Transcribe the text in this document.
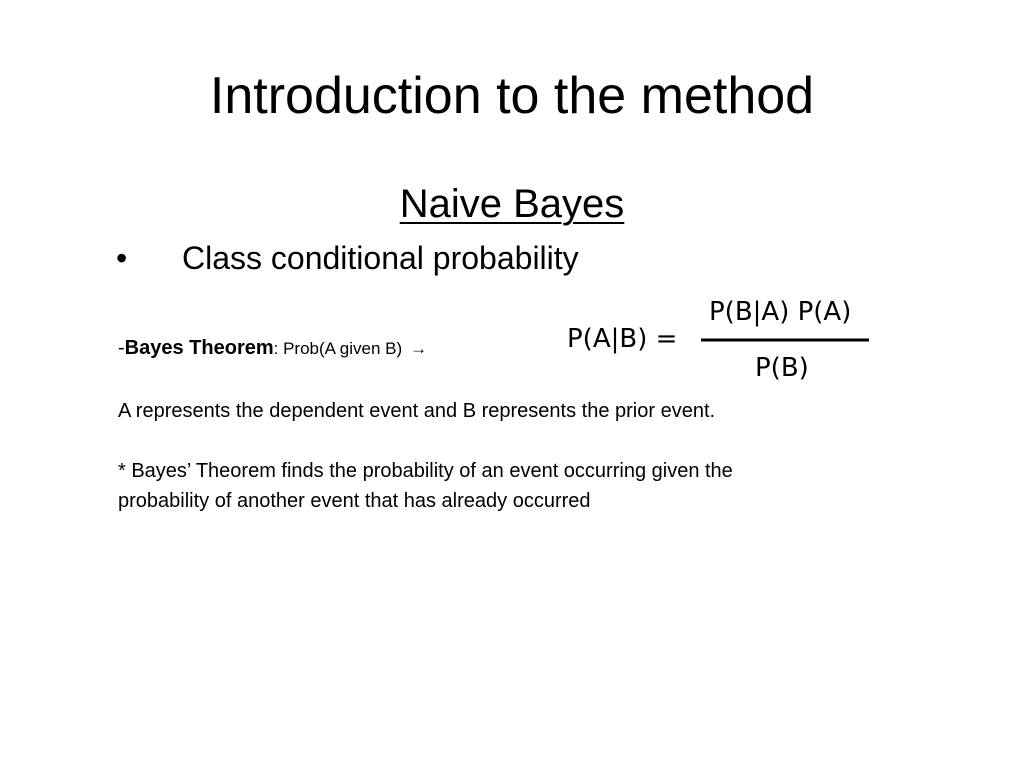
Introduction to the method
Naive Bayes
• Class conditional probability
-Bayes Theorem: Prob(A given B) →	P(A|B) =
P(B|A) P(A)
P(B)
A represents the dependent event and B represents the prior event.
* Bayes’ Theorem finds the probability of an event occurring given the
probability of another event that has already occurred
